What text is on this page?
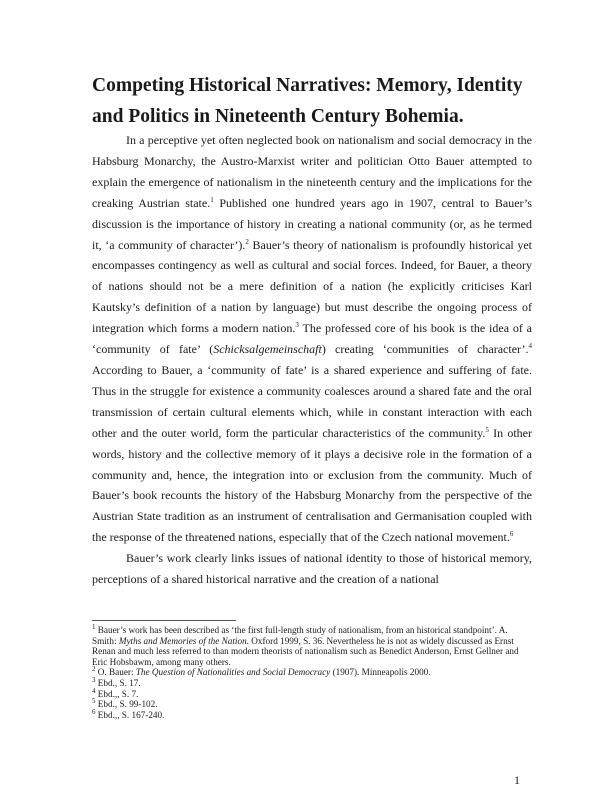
Competing Historical Narratives: Memory, Identity and Politics in Nineteenth Century Bohemia.

In a perceptive yet often neglected book on nationalism and social democracy in the Habsburg Monarchy, the Austro-Marxist writer and politician Otto Bauer attempted to explain the emergence of nationalism in the nineteenth century and the implications for the creaking Austrian state.$^1$ Published one hundred years ago in 1907, central to Bauer’s discussion is the importance of history in creating a national community (or, as he termed it, ‘a community of character’).$^2$ Bauer’s theory of nationalism is profoundly historical yet encompasses contingency as well as cultural and social forces. Indeed, for Bauer, a theory of nations should not be a mere definition of a nation (he explicitly criticises Karl Kautsky’s definition of a nation by language) but must describe the ongoing process of integration which forms a modern nation.$^3$ The professed core of his book is the idea of a ‘community of fate’ (Schicksalgemeinschaft) creating ‘communities of character’.$^4$ According to Bauer, a ‘community of fate’ is a shared experience and suffering of fate. Thus in the struggle for existence a community coalesces around a shared fate and the oral transmission of certain cultural elements which, while in constant interaction with each other and the outer world, form the particular characteristics of the community.$^5$ In other words, history and the collective memory of it plays a decisive role in the formation of a community and, hence, the integration into or exclusion from the community. Much of Bauer’s book recounts the history of the Habsburg Monarchy from the perspective of the Austrian State tradition as an instrument of centralisation and Germanisation coupled with the response of the threatened nations, especially that of the Czech national movement.$^6$

Bauer’s work clearly links issues of national identity to those of historical memory, perceptions of a shared historical narrative and the creation of a national

$^1$ Bauer’s work has been described as ‘the first full-length study of nationalism, from an historical standpoint’. A. Smith: Myths and Memories of the Nation. Oxford 1999, S. 36. Nevertheless he is not as widely discussed as Ernst Renan and much less referred to than modern theorists of nationalism such as Benedict Anderson, Ernst Gellner and Eric Hobsbawm, among many others.

$^2$ O. Bauer: The Question of Nationalities and Social Democracy (1907). Minneapolis 2000.

$^3$ Ebd., S. 17.

$^4$ Ebd.,, S. 7.

$^5$ Ebd., S. 99-102.

$^6$ Ebd.,, S. 167-240.

1
